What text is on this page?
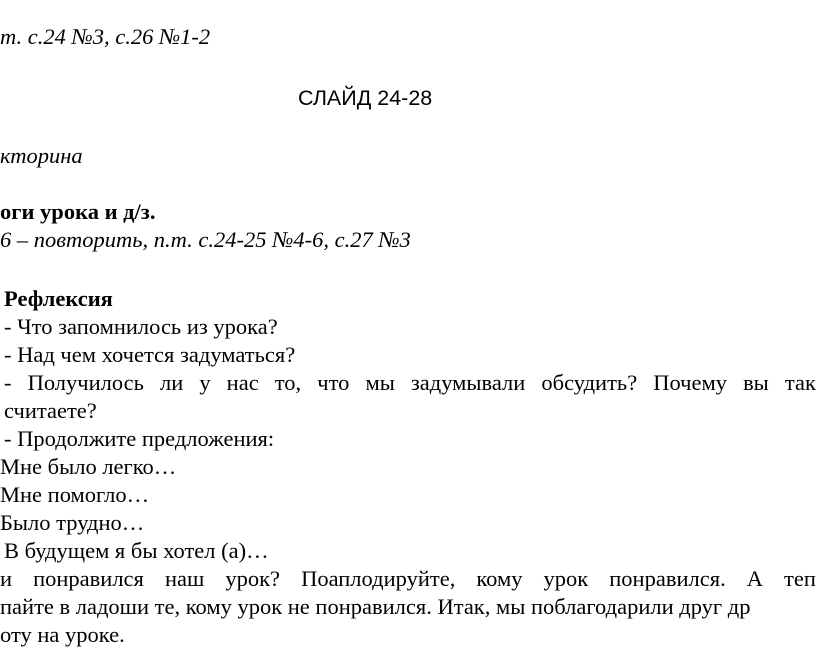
т. с.24 №3, с.26 №1-2
СЛАЙД 24-28
кторина
оги урока и д/з.
6 – повторить, п.т. с.24-25 №4-6, с.27 №3
Рефлексия
- Что запомнилось из урока?
- Над чем хочется задуматься?
- Получилось ли у нас то, что мы задумывали обсудить? Почему вы так
считаете?
- Продолжите предложения:
Мне было легко…
Мне помогло…
Было трудно…
В будущем я бы хотел (а)…
и понравился наш урок? Поаплодируйте, кому урок понравился. А теп
пайте в ладоши те, кому урок не понравился. Итак, мы поблагодарили друг др
оту на уроке.
